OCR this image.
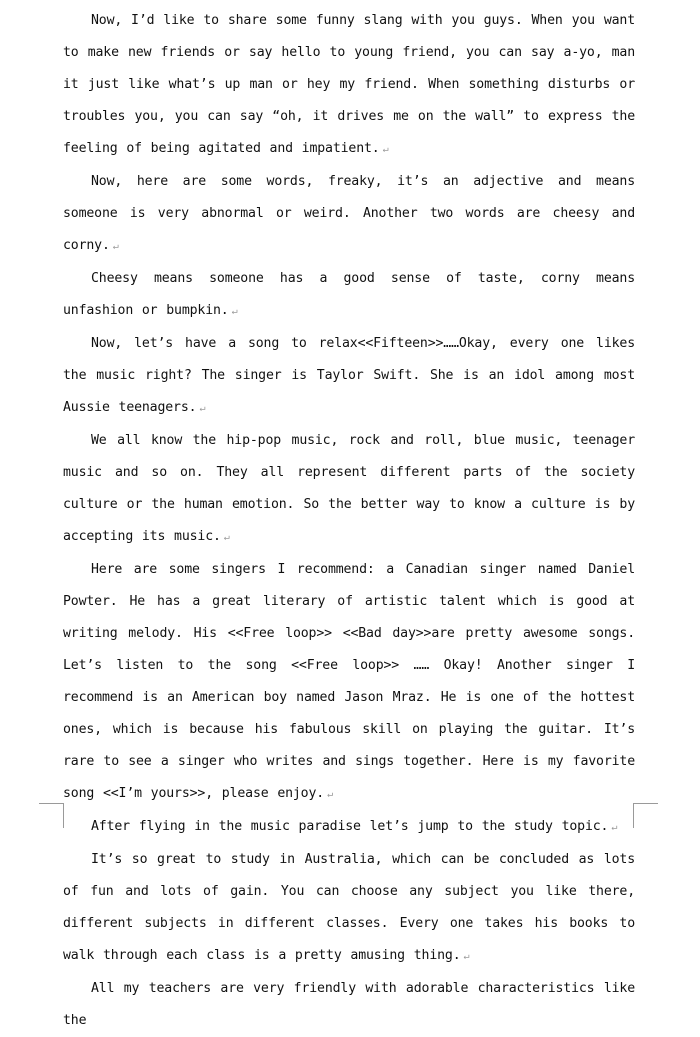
Now, I’d like to share some funny slang with you guys. When you want to make new friends or say hello to young friend, you can say a-yo, man it just like what’s up man or hey my friend. When something disturbs or troubles you, you can say “oh, it drives me on the wall” to express the feeling of being agitated and impatient. ↵

Now, here are some words, freaky, it’s an adjective and means someone is very abnormal or weird. Another two words are cheesy and corny. ↵

Cheesy means someone has a good sense of taste, corny means unfashion or bumpkin. ↵

Now, let’s have a song to relax<<Fifteen>>……Okay, every one likes the music right? The singer is Taylor Swift. She is an idol among most Aussie teenagers. ↵

We all know the hip-pop music, rock and roll, blue music, teenager music and so on. They all represent different parts of the society culture or the human emotion. So the better way to know a culture is by accepting its music. ↵

Here are some singers I recommend: a Canadian singer named Daniel Powter. He has a great literary of artistic talent which is good at writing melody. His <<Free loop>> <<Bad day>>are pretty awesome songs. Let’s listen to the song <<Free loop>> …… Okay! Another singer I recommend is an American boy named Jason Mraz. He is one of the hottest ones, which is because his fabulous skill on playing the guitar. It’s rare to see a singer who writes and sings together. Here is my favorite song <<I’m yours>>, please enjoy. ↵

After flying in the music paradise let’s jump to the study topic. ↵

It’s so great to study in Australia, which can be concluded as lots of fun and lots of gain. You can choose any subject you like there, different subjects in different classes. Every one takes his books to walk through each class is a pretty amusing thing. ↵

All my teachers are very friendly with adorable characteristics like the
